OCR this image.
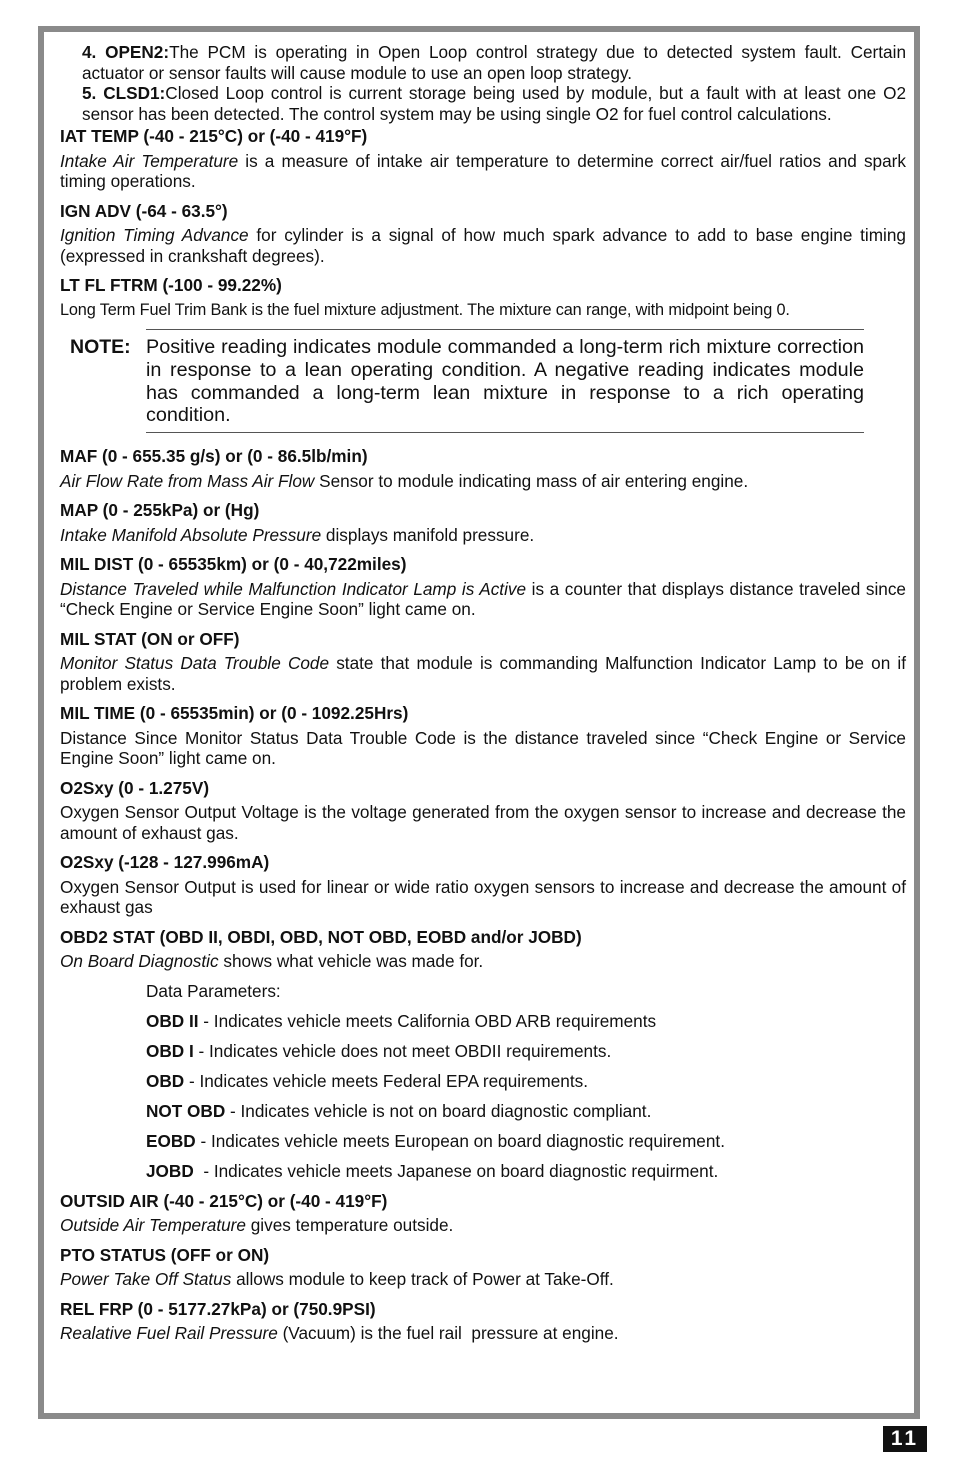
4. OPEN2:The PCM is operating in Open Loop control strategy due to detected system fault. Certain actuator or sensor faults will cause module to use an open loop strategy.
5. CLSD1:Closed Loop control is current storage being used by module, but a fault with at least one O2 sensor has been detected. The control system may be using single O2 for fuel control calculations.
IAT TEMP (-40 - 215°C) or (-40 - 419°F)
Intake Air Temperature is a measure of intake air temperature to determine correct air/fuel ratios and spark timing operations.
IGN ADV (-64 - 63.5°)
Ignition Timing Advance for cylinder is a signal of how much spark advance to add to base engine timing (expressed in crankshaft degrees).
LT FL FTRM (-100 - 99.22%)
Long Term Fuel Trim Bank is the fuel mixture adjustment. The mixture can range, with midpoint being 0.
NOTE: Positive reading indicates module commanded a long-term rich mixture correction in response to a lean operating condition. A negative reading indicates module has commanded a long-term lean mixture in response to a rich operating condition.
MAF (0 - 655.35 g/s) or (0 - 86.5lb/min)
Air Flow Rate from Mass Air Flow Sensor to module indicating mass of air entering engine.
MAP (0 - 255kPa) or (Hg)
Intake Manifold Absolute Pressure displays manifold pressure.
MIL DIST (0 - 65535km) or (0 - 40,722miles)
Distance Traveled while Malfunction Indicator Lamp is Active is a counter that displays distance traveled since “Check Engine or Service Engine Soon” light came on.
MIL STAT (ON or OFF)
Monitor Status Data Trouble Code state that module is commanding Malfunction Indicator Lamp to be on if problem exists.
MIL TIME (0 - 65535min) or (0 - 1092.25Hrs)
Distance Since Monitor Status Data Trouble Code is the distance traveled since “Check Engine or Service Engine Soon” light came on.
O2Sxy (0 - 1.275V)
Oxygen Sensor Output Voltage is the voltage generated from the oxygen sensor to increase and decrease the amount of exhaust gas.
O2Sxy (-128 - 127.996mA)
Oxygen Sensor Output is used for linear or wide ratio oxygen sensors to increase and decrease the amount of exhaust gas
OBD2 STAT (OBD II, OBDI, OBD, NOT OBD, EOBD and/or JOBD)
On Board Diagnostic shows what vehicle was made for.
Data Parameters:
OBD II - Indicates vehicle meets California OBD ARB requirements
OBD I - Indicates vehicle does not meet OBDII requirements.
OBD - Indicates vehicle meets Federal EPA requirements.
NOT OBD - Indicates vehicle is not on board diagnostic compliant.
EOBD - Indicates vehicle meets European on board diagnostic requirement.
JOBD  - Indicates vehicle meets Japanese on board diagnostic requirment.
OUTSID AIR (-40 - 215°C) or (-40 - 419°F)
Outside Air Temperature gives temperature outside.
PTO STATUS (OFF or ON)
Power Take Off Status allows module to keep track of Power at Take-Off.
REL FRP (0 - 5177.27kPa) or (750.9PSI)
Realative Fuel Rail Pressure (Vacuum) is the fuel rail  pressure at engine.
11
